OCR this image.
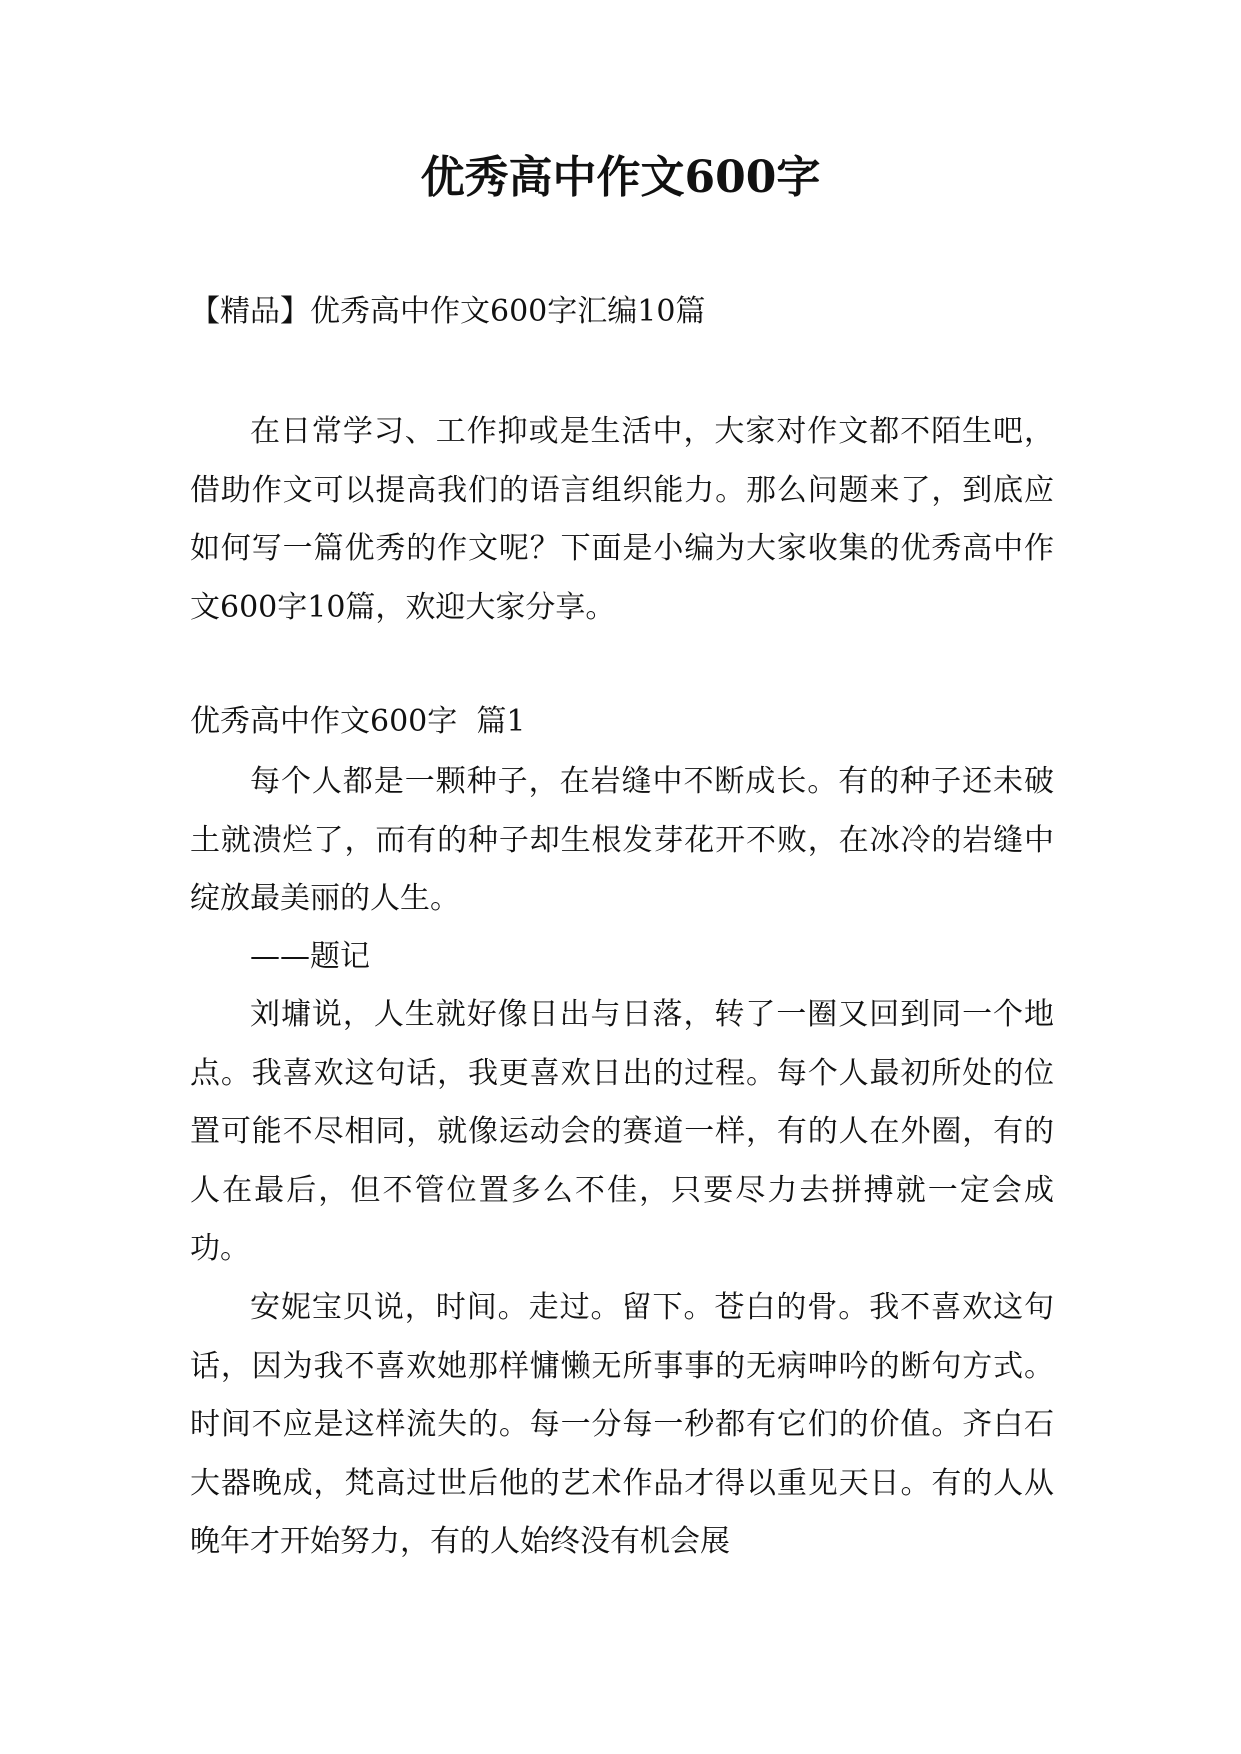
优秀高中作文600字

【精品】优秀高中作文600字汇编10篇

在日常学习、工作抑或是生活中，大家对作文都不陌生吧，借助作文可以提高我们的语言组织能力。那么问题来了，到底应如何写一篇优秀的作文呢？下面是小编为大家收集的优秀高中作文600字10篇，欢迎大家分享。

优秀高中作文600字  篇1

每个人都是一颗种子，在岩缝中不断成长。有的种子还未破土就溃烂了，而有的种子却生根发芽花开不败，在冰冷的岩缝中绽放最美丽的人生。

——题记

刘墉说，人生就好像日出与日落，转了一圈又回到同一个地点。我喜欢这句话，我更喜欢日出的过程。每个人最初所处的位置可能不尽相同，就像运动会的赛道一样，有的人在外圈，有的人在最后，但不管位置多么不佳，只要尽力去拼搏就一定会成功。

安妮宝贝说，时间。走过。留下。苍白的骨。我不喜欢这句话，因为我不喜欢她那样慵懒无所事事的无病呻吟的断句方式。时间不应是这样流失的。每一分每一秒都有它们的价值。齐白石大器晚成，梵高过世后他的艺术作品才得以重见天日。有的人从晚年才开始努力，有的人始终没有机会展
